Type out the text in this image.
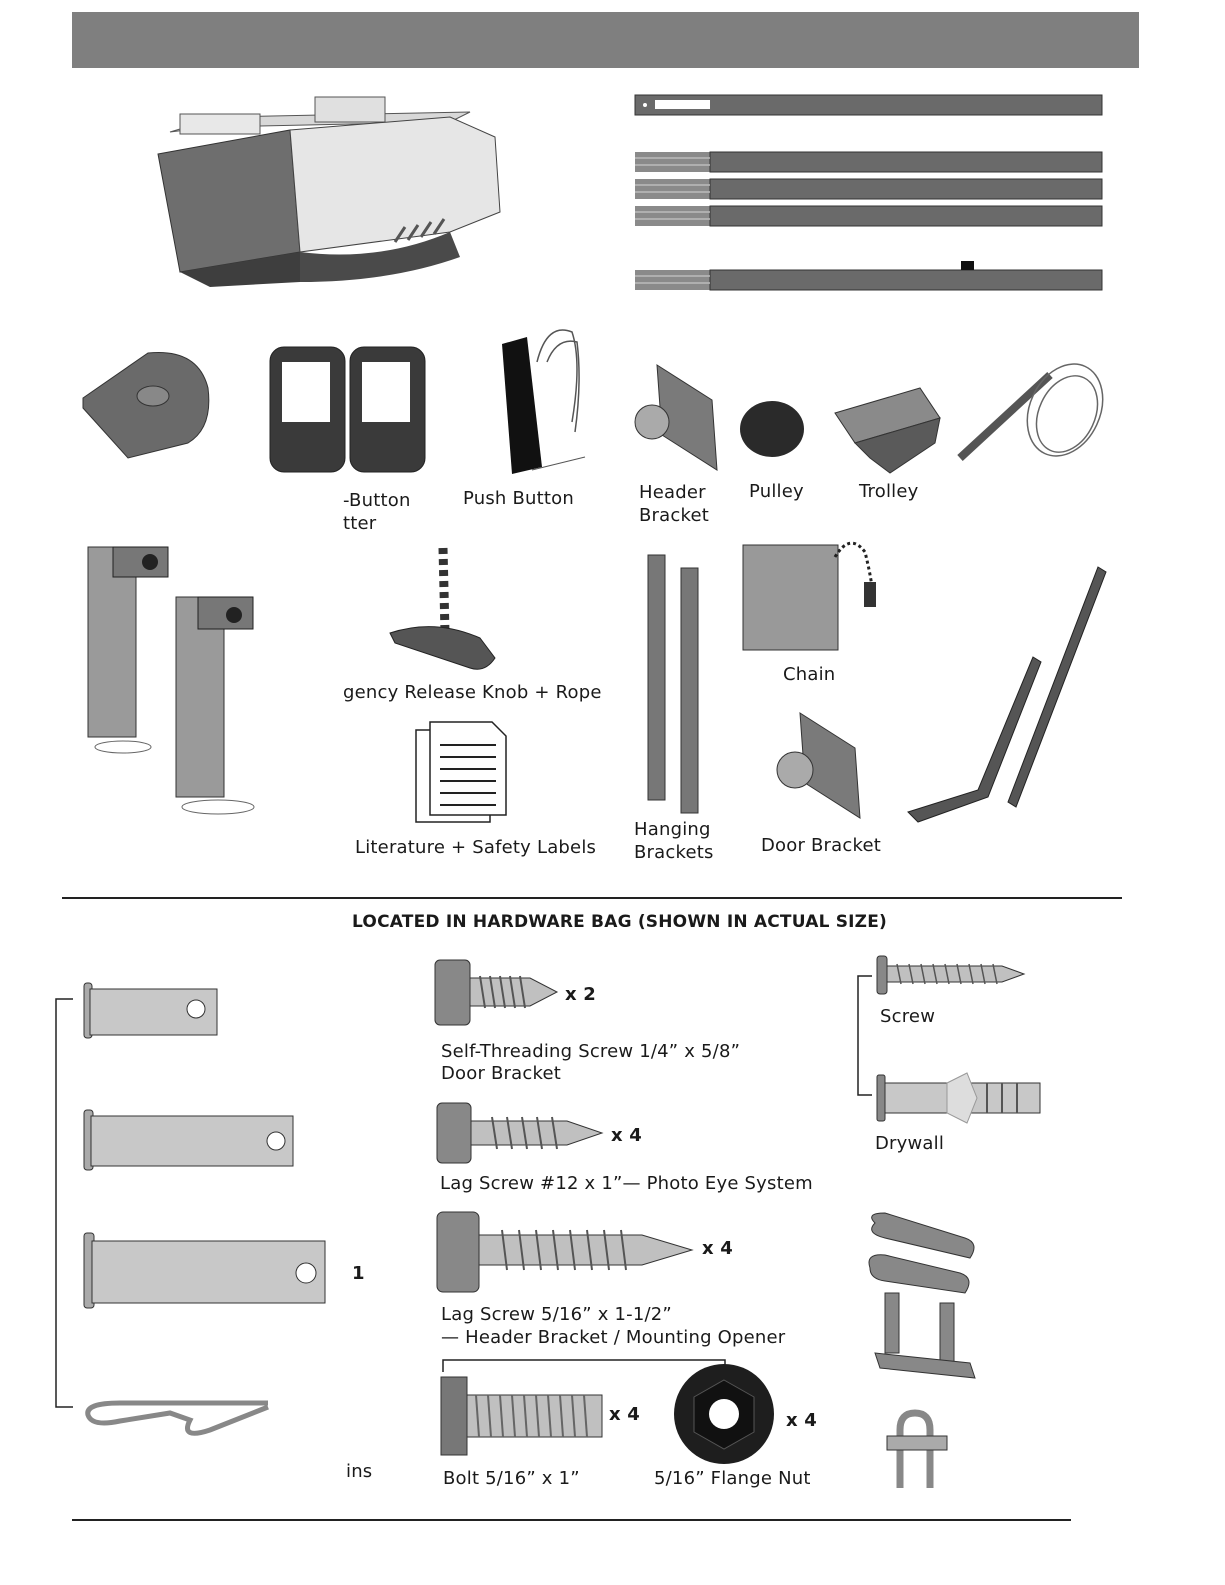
-Button
tter
Push Button	Header
Bracket
Pulley	Trolley
gency Release Knob + Rope
Literature + Safety Labels
Hanging
Brackets
Chain
Door Bracket
LOCATED IN HARDWARE BAG (SHOWN IN ACTUAL SIZE)
1
ins
x 2
Self-Threading Screw 1/4” x 5/8”
Door Bracket
x 4
Lag Screw #12 x 1”— Photo Eye System
x 4
Lag Screw 5/16” x 1-1/2”
— Header Bracket / Mounting Opener
x 4
Bolt 5/16” x 1”
x 4
5/16” Flange Nut
Screw
Drywall
